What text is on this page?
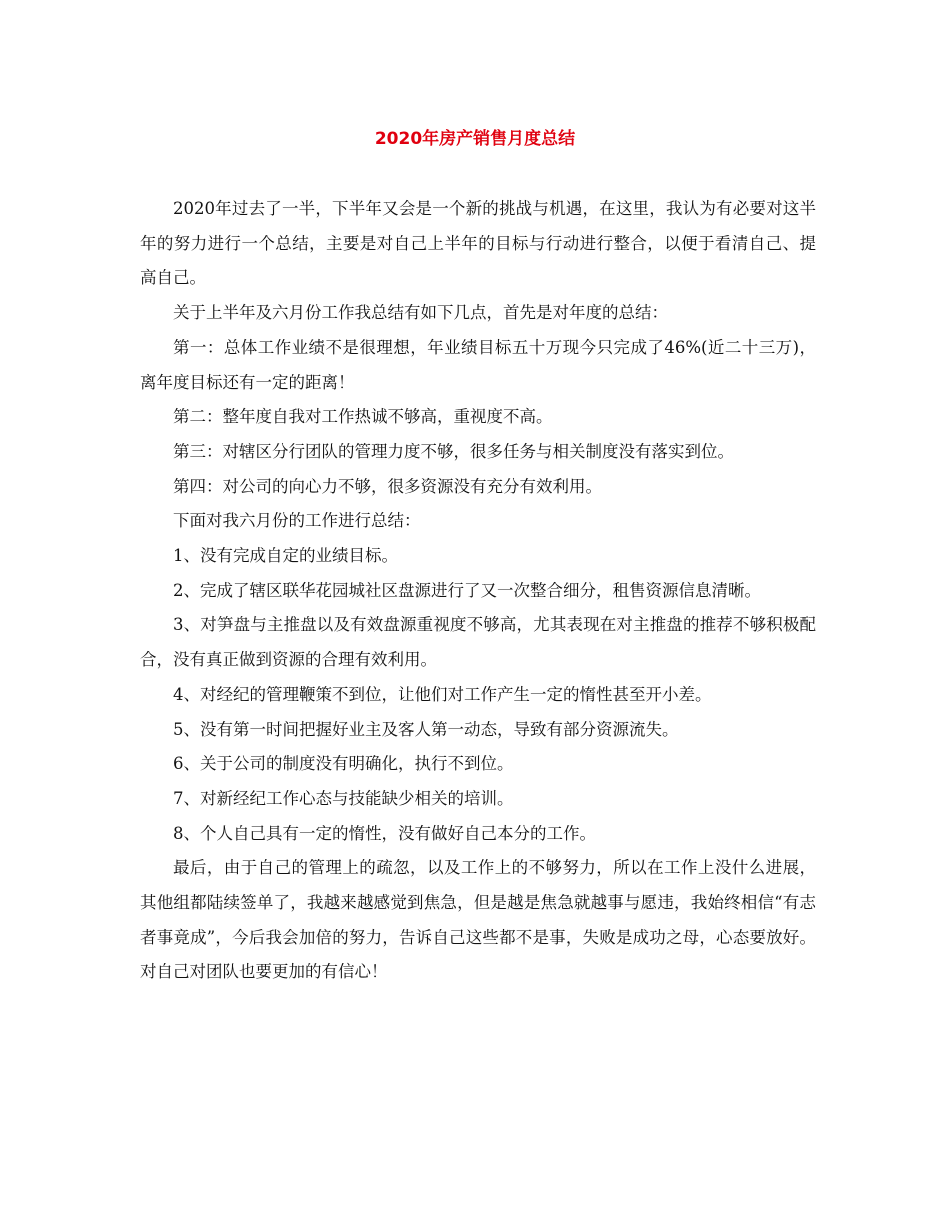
2020年房产销售月度总结

2020年过去了一半，下半年又会是一个新的挑战与机遇，在这里，我认为有必要对这半年的努力进行一个总结，主要是对自己上半年的目标与行动进行整合，以便于看清自己、提高自己。

关于上半年及六月份工作我总结有如下几点，首先是对年度的总结：

第一：总体工作业绩不是很理想，年业绩目标五十万现今只完成了46%(近二十三万)，离年度目标还有一定的距离！

第二：整年度自我对工作热诚不够高，重视度不高。

第三：对辖区分行团队的管理力度不够，很多任务与相关制度没有落实到位。

第四：对公司的向心力不够，很多资源没有充分有效利用。

下面对我六月份的工作进行总结：

1、没有完成自定的业绩目标。

2、完成了辖区联华花园城社区盘源进行了又一次整合细分，租售资源信息清晰。

3、对笋盘与主推盘以及有效盘源重视度不够高，尤其表现在对主推盘的推荐不够积极配合，没有真正做到资源的合理有效利用。

4、对经纪的管理鞭策不到位，让他们对工作产生一定的惰性甚至开小差。

5、没有第一时间把握好业主及客人第一动态，导致有部分资源流失。

6、关于公司的制度没有明确化，执行不到位。

7、对新经纪工作心态与技能缺少相关的培训。

8、个人自己具有一定的惰性，没有做好自己本分的工作。

最后，由于自己的管理上的疏忽，以及工作上的不够努力，所以在工作上没什么进展，其他组都陆续签单了，我越来越感觉到焦急，但是越是焦急就越事与愿违，我始终相信“有志者事竟成”，今后我会加倍的努力，告诉自己这些都不是事，失败是成功之母，心态要放好。对自己对团队也要更加的有信心！
